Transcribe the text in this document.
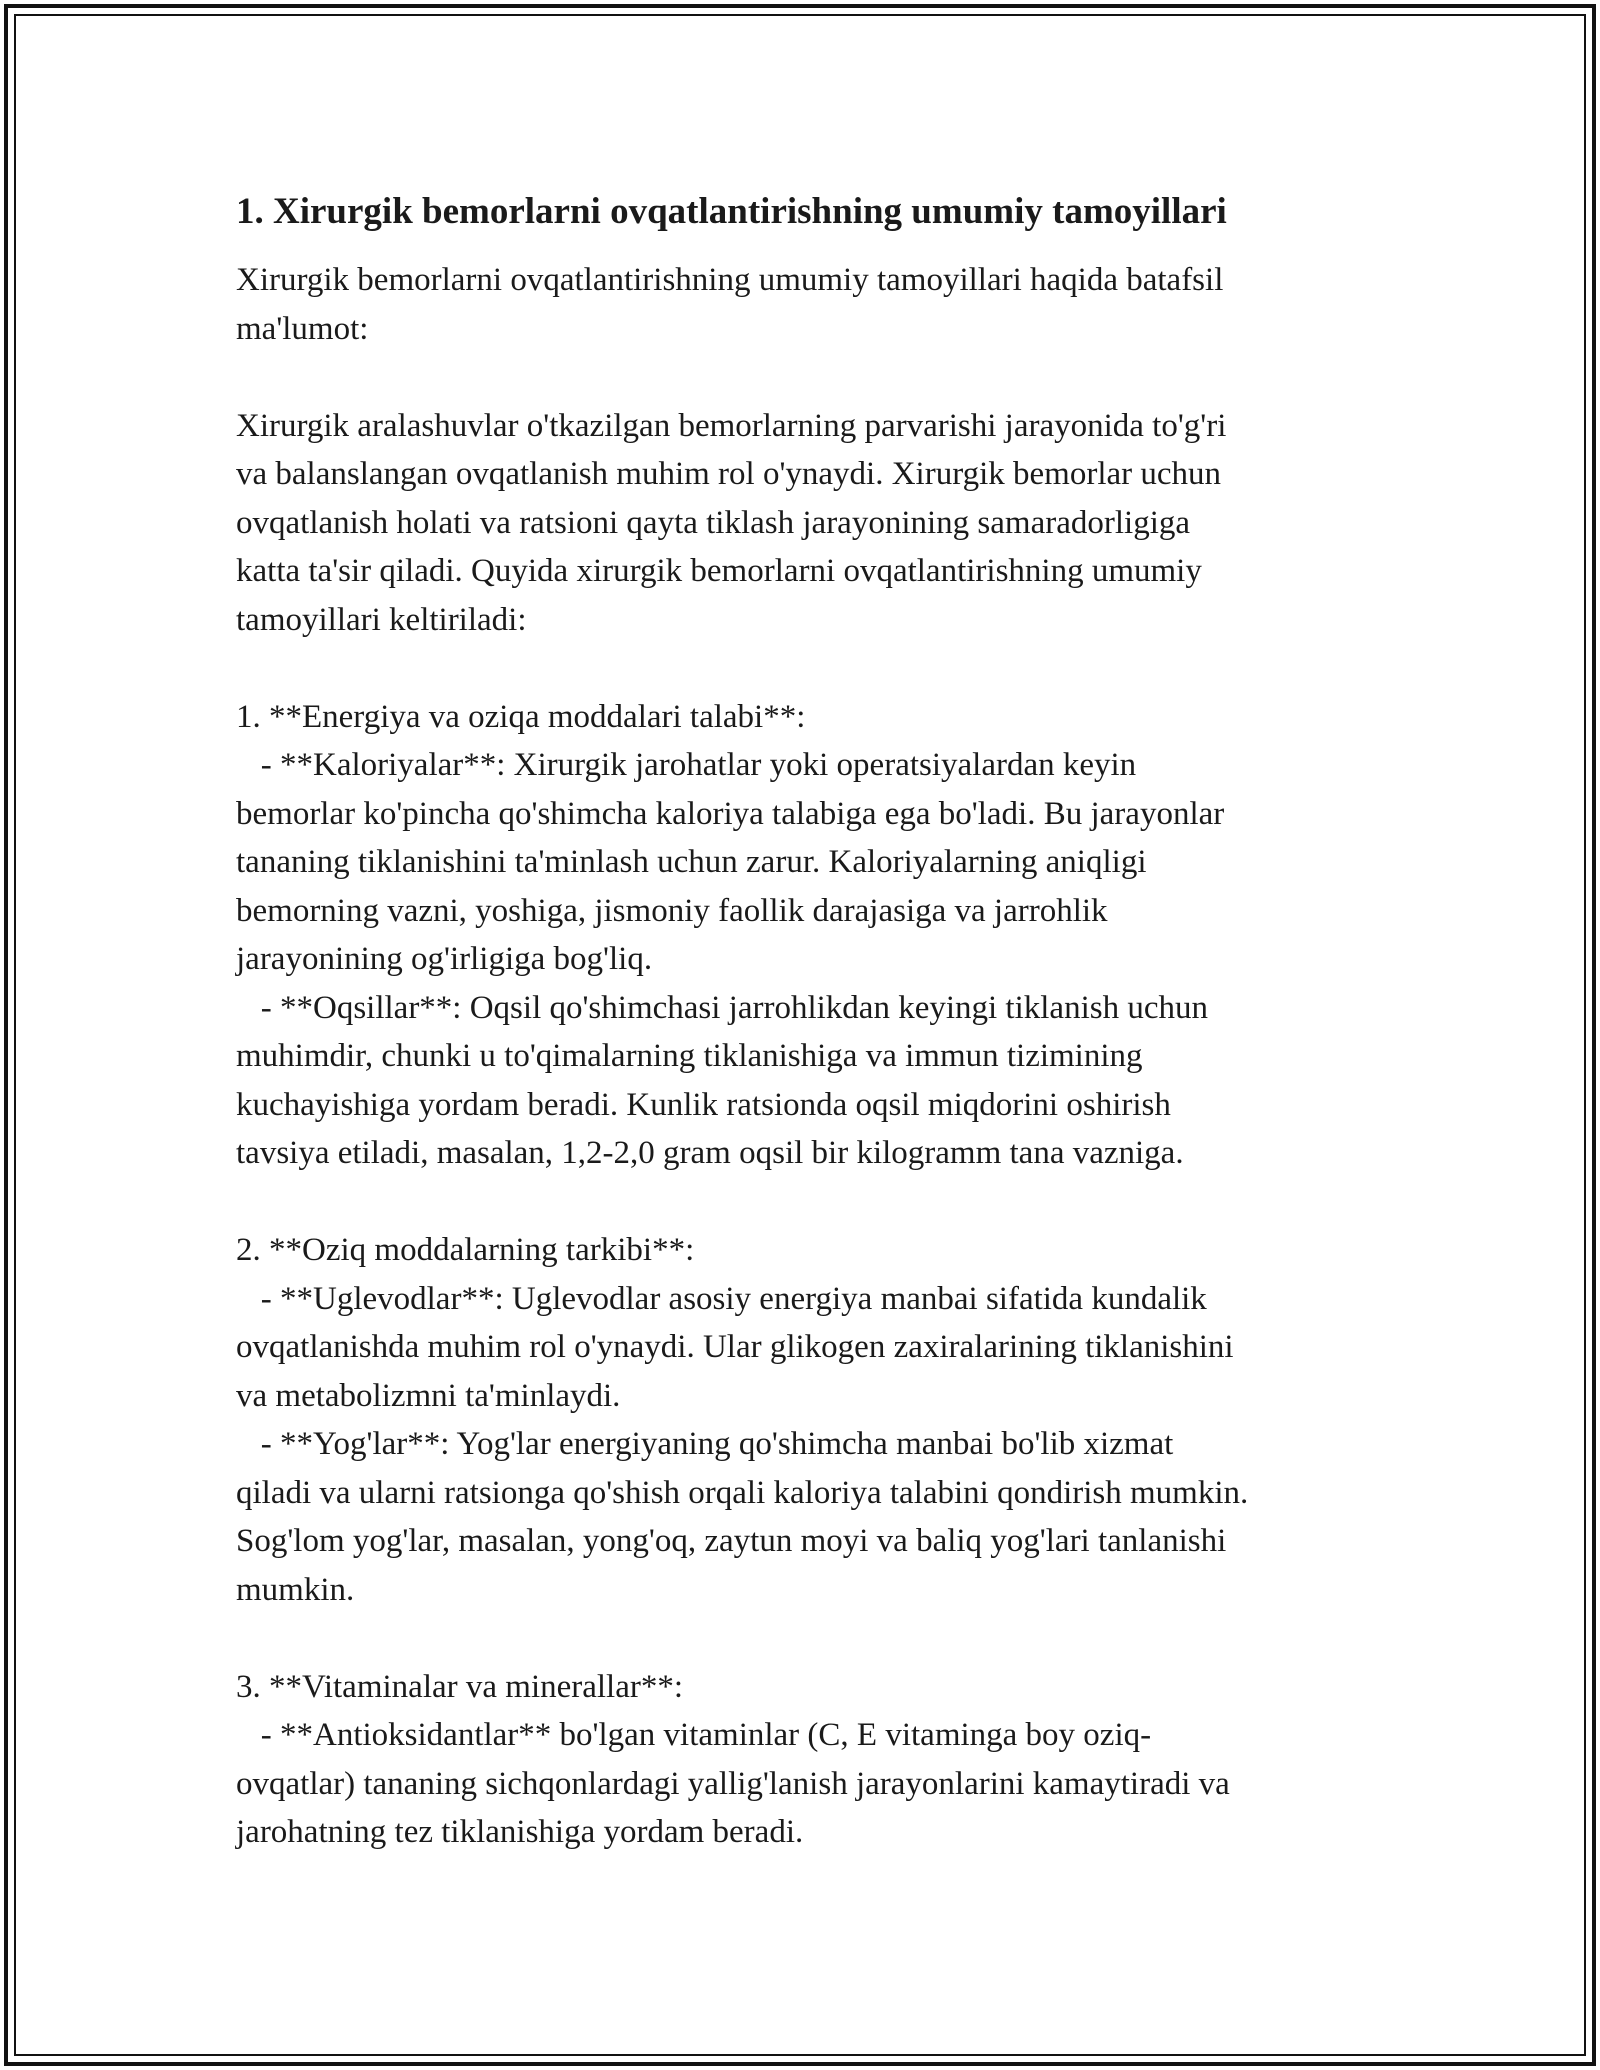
1. Xirurgik bemorlarni ovqatlantirishning umumiy tamoyillari
Xirurgik bemorlarni ovqatlantirishning umumiy tamoyillari haqida batafsil
ma'lumot:
Xirurgik aralashuvlar o'tkazilgan bemorlarning parvarishi jarayonida to'g'ri
va balanslangan ovqatlanish muhim rol o'ynaydi. Xirurgik bemorlar uchun
ovqatlanish holati va ratsioni qayta tiklash jarayonining samaradorligiga
katta ta'sir qiladi. Quyida xirurgik bemorlarni ovqatlantirishning umumiy
tamoyillari keltiriladi:
1. **Energiya va oziqa moddalari talabi**:
- **Kaloriyalar**: Xirurgik jarohatlar yoki operatsiyalardan keyin
bemorlar ko'pincha qo'shimcha kaloriya talabiga ega bo'ladi. Bu jarayonlar
tananing tiklanishini ta'minlash uchun zarur. Kaloriyalarning aniqligi
bemorning vazni, yoshiga, jismoniy faollik darajasiga va jarrohlik
jarayonining og'irligiga bog'liq.
- **Oqsillar**: Oqsil qo'shimchasi jarrohlikdan keyingi tiklanish uchun
muhimdir, chunki u to'qimalarning tiklanishiga va immun tizimining
kuchayishiga yordam beradi. Kunlik ratsionda oqsil miqdorini oshirish
tavsiya etiladi, masalan, 1,2-2,0 gram oqsil bir kilogramm tana vazniga.
2. **Oziq moddalarning tarkibi**:
- **Uglevodlar**: Uglevodlar asosiy energiya manbai sifatida kundalik
ovqatlanishda muhim rol o'ynaydi. Ular glikogen zaxiralarining tiklanishini
va metabolizmni ta'minlaydi.
- **Yog'lar**: Yog'lar energiyaning qo'shimcha manbai bo'lib xizmat
qiladi va ularni ratsionga qo'shish orqali kaloriya talabini qondirish mumkin.
Sog'lom yog'lar, masalan, yong'oq, zaytun moyi va baliq yog'lari tanlanishi
mumkin.
3. **Vitaminalar va minerallar**:
- **Antioksidantlar** bo'lgan vitaminlar (C, E vitaminga boy oziq-
ovqatlar) tananing sichqonlardagi yallig'lanish jarayonlarini kamaytiradi va
jarohatning tez tiklanishiga yordam beradi.
